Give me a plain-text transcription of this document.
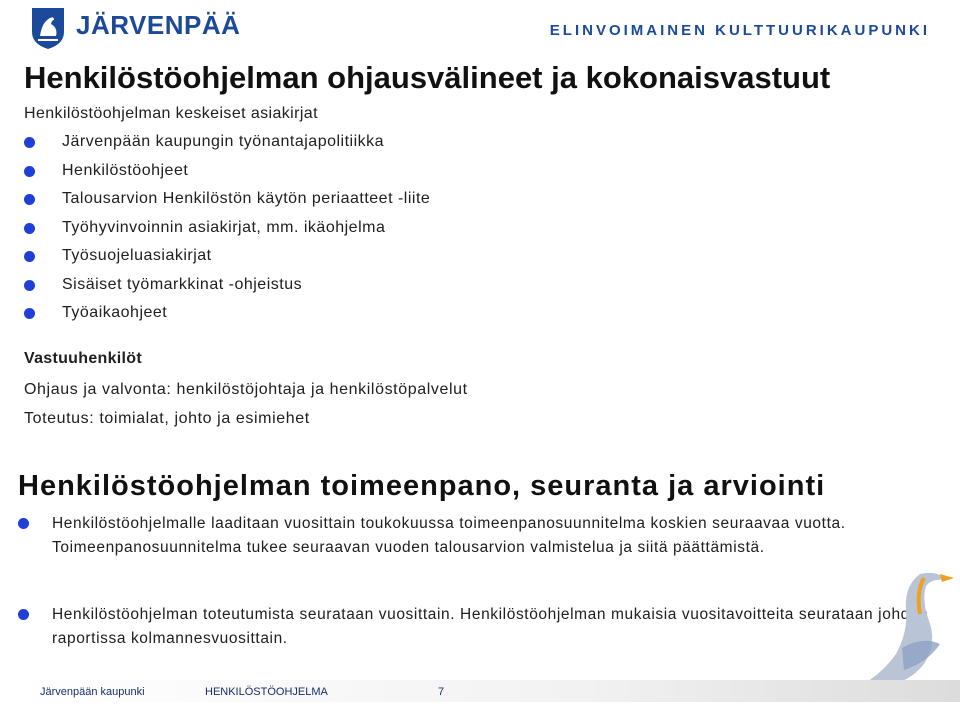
JÄRVENPÄÄ	ELINVOIMAINEN KULTTUURIKAUPUNKI
Henkilöstöohjelman ohjausvälineet ja kokonaisvastuut
Henkilöstöohjelman keskeiset asiakirjat
Järvenpään kaupungin työnantajapolitiikka
Henkilöstöohjeet
Talousarvion Henkilöstön käytön periaatteet -liite
Työhyvinvoinnin asiakirjat, mm. ikäohjelma
Työsuojeluasiakirjat
Sisäiset työmarkkinat -ohjeistus
Työaikaohjeet
Vastuuhenkilöt
Ohjaus ja valvonta: henkilöstöjohtaja ja henkilöstöpalvelut
Toteutus: toimialat, johto ja esimiehet
Henkilöstöohjelman toimeenpano, seuranta ja arviointi
Henkilöstöohjelmalle laaditaan vuosittain toukokuussa toimeenpanosuunnitelma koskien seuraavaa vuotta. Toimeenpanosuunnitelma tukee seuraavan vuoden talousarvion valmistelua ja siitä päättämistä.
Henkilöstöohjelman toteutumista seurataan vuosittain. Henkilöstöohjelman mukaisia vuositavoitteita seurataan johdon raportissa kolmannesvuosittain.
Järvenpään kaupunki	HENKILÖSTÖOHJELMA	7
